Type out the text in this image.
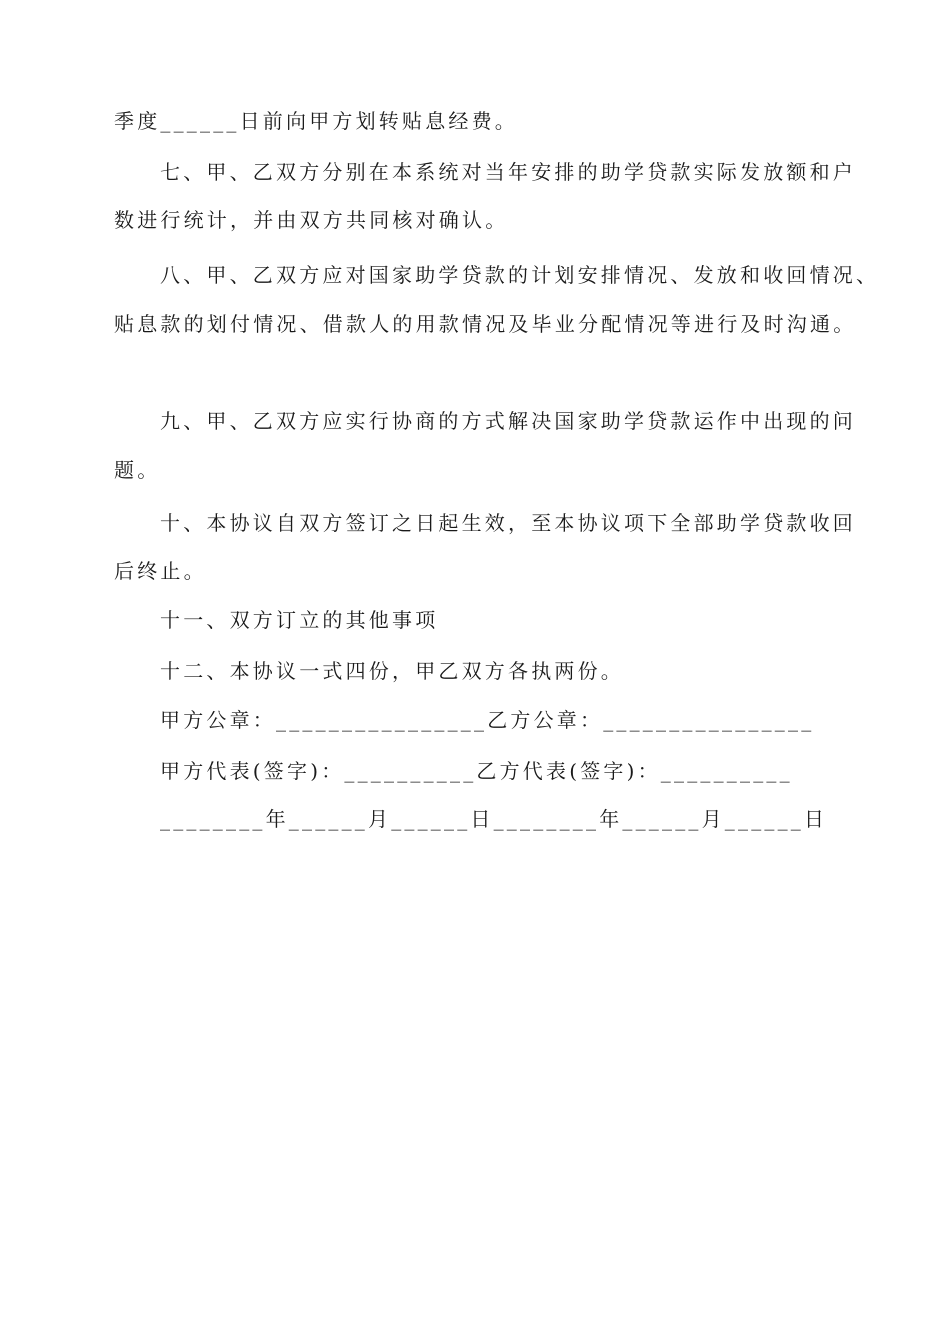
季度______日前向甲方划转贴息经费。
七、甲、乙双方分别在本系统对当年安排的助学贷款实际发放额和户
数进行统计，并由双方共同核对确认。
八、甲、乙双方应对国家助学贷款的计划安排情况、发放和收回情况、
贴息款的划付情况、借款人的用款情况及毕业分配情况等进行及时沟通。
九、甲、乙双方应实行协商的方式解决国家助学贷款运作中出现的问
题。
十、本协议自双方签订之日起生效，至本协议项下全部助学贷款收回
后终止。
十一、双方订立的其他事项
十二、本协议一式四份，甲乙双方各执两份。
甲方公章：________________乙方公章：________________
甲方代表(签字)：__________乙方代表(签字)：__________
________年______月______日________年______月______日
